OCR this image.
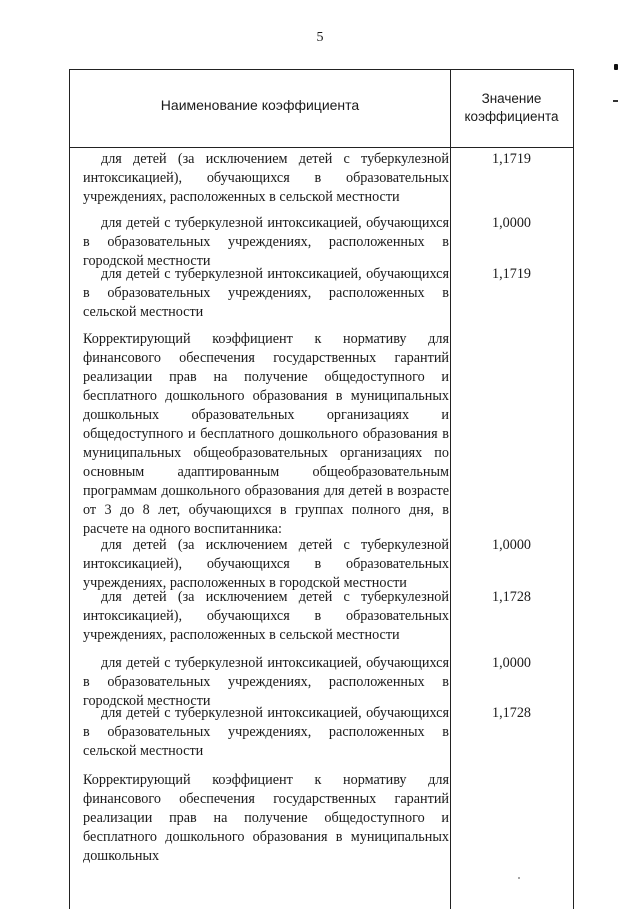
5
Наименование коэффициента	Значение
коэффициента
для детей (за исключением детей с туберкулезной интоксикацией), обучающихся в образовательных учреждениях, расположенных в сельской местности
1,1719
для детей с туберкулезной интоксикацией, обучающихся в образовательных учреждениях, расположенных в городской местности
1,0000
для детей с туберкулезной интоксикацией, обучающихся в образовательных учреждениях, расположенных в сельской местности
1,1719
Корректирующий коэффициент к нормативу для финансового обеспечения государственных гарантий реализации прав на получение общедоступного и бесплатного дошкольного образования в муниципальных дошкольных образовательных организациях и общедоступного и бесплатного дошкольного образования в муниципальных общеобразовательных организациях по основным адаптированным общеобразовательным программам дошкольного образования для детей в возрасте от 3 до 8 лет, обучающихся в группах полного дня, в расчете на одного воспитанника:
для детей (за исключением детей с туберкулезной интоксикацией), обучающихся в образовательных учреждениях, расположенных в городской местности
1,0000
для детей (за исключением детей с туберкулезной интоксикацией), обучающихся в образовательных учреждениях, расположенных в сельской местности
1,1728
для детей с туберкулезной интоксикацией, обучающихся в образовательных учреждениях, расположенных в городской местности
1,0000
для детей с туберкулезной интоксикацией, обучающихся в образовательных учреждениях, расположенных в сельской местности
1,1728
Корректирующий коэффициент к нормативу для финансового обеспечения государственных гарантий реализации прав на получение общедоступного и бесплатного дошкольного образования в муниципальных дошкольных
